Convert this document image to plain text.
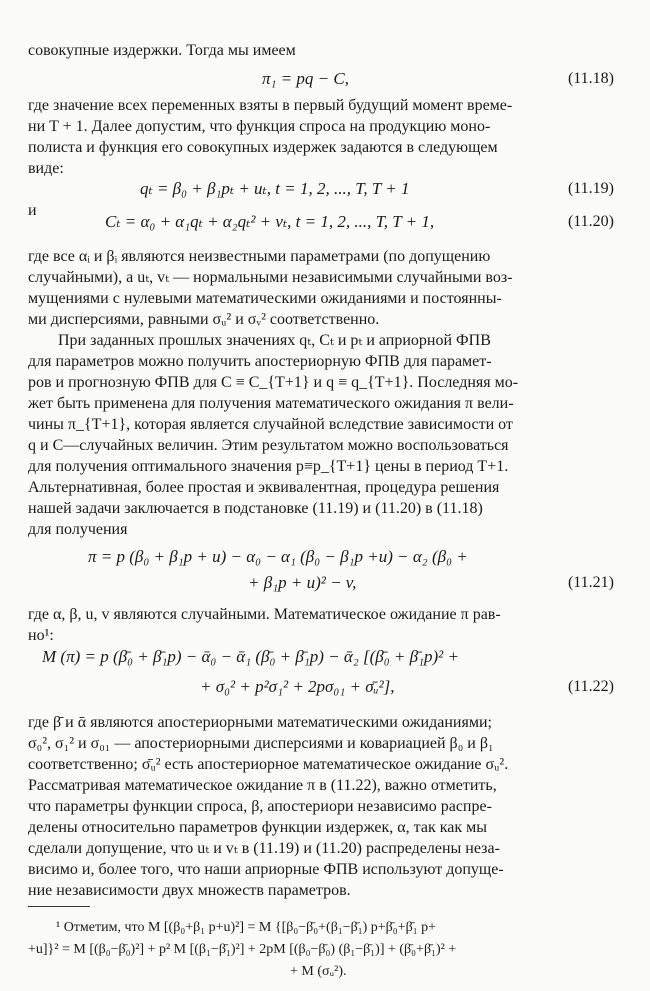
совокупные издержки. Тогда мы имеем
π₁ = pq − C,	(11.18)
где значение всех переменных взяты в первый будущий момент време-
ни T + 1. Далее допустим, что функция спроса на продукцию моно-
полиста и функция его совокупных издержек задаются в следующем
виде:
qₜ = β₀ + β₁pₜ + uₜ, t = 1, 2, ..., T, T + 1	(11.19)
и
Cₜ = α₀ + α₁qₜ + α₂qₜ² + vₜ, t = 1, 2, ..., T, T + 1,	(11.20)
где все αᵢ и βᵢ являются неизвестными параметрами (по допущению
случайными), а uₜ, vₜ — нормальными независимыми случайными воз-
мущениями с нулевыми математическими ожиданиями и постоянны-
ми дисперсиями, равными σᵤ² и σᵥ² соответственно.
При заданных прошлых значениях qₜ, Cₜ и pₜ и априорной ФПВ
для параметров можно получить апостериорную ФПВ для парамет-
ров и прогнозную ФПВ для C ≡ C_{T+1} и q ≡ q_{T+1}. Последняя мо-
жет быть применена для получения математического ожидания π вели-
чины π_{T+1}, которая является случайной вследствие зависимости от
q и C—случайных величин. Этим результатом можно воспользоваться
для получения оптимального значения p≡p_{T+1} цены в период T+1.
Альтернативная, более простая и эквивалентная, процедура решения
нашей задачи заключается в подстановке (11.19) и (11.20) в (11.18)
для получения
π = p (β₀ + β₁p + u) − α₀ − α₁ (β₀ − β₁p +u) − α₂ (β₀ +
+ β₁p + u)² − v,	(11.21)
где α, β, u, v являются случайными. Математическое ожидание π рав-
но¹:
M (π) = p (β̄₀ + β̄₁p) − ᾱ₀ − ᾱ₁ (β̄₀ + β̄₁p) − ᾱ₂ [(β̄₀ + β̄₁p)² +
+ σ₀² + p²σ₁² + 2pσ₀₁ + σ̄ᵤ²],	(11.22)
где β̄ и ᾱ являются апостериорными математическими ожиданиями;
σ₀², σ₁² и σ₀₁ — апостериорными дисперсиями и ковариацией β₀ и β₁
соответственно; σ̄ᵤ² есть апостериорное математическое ожидание σᵤ².
Рассматривая математическое ожидание π в (11.22), важно отметить,
что параметры функции спроса, β, апостериори независимо распре-
делены относительно параметров функции издержек, α, так как мы
сделали допущение, что uₜ и vₜ в (11.19) и (11.20) распределены неза-
висимо и, более того, что наши априорные ФПВ используют допуще-
ние независимости двух множеств параметров.
¹ Отметим, что M [(β₀+β₁ p+u)²] = M {[β₀−β̄₀+(β₁−β̄₁) p+β̄₀+β̄₁ p+
+u]}² = M [(β₀−β̄₀)²] + p² M [(β₁−β̄₁)²] + 2pM [(β₀−β̄₀) (β₁−β̄₁)] + (β̄₀+β̄₁)² +
+ M (σᵤ²).
